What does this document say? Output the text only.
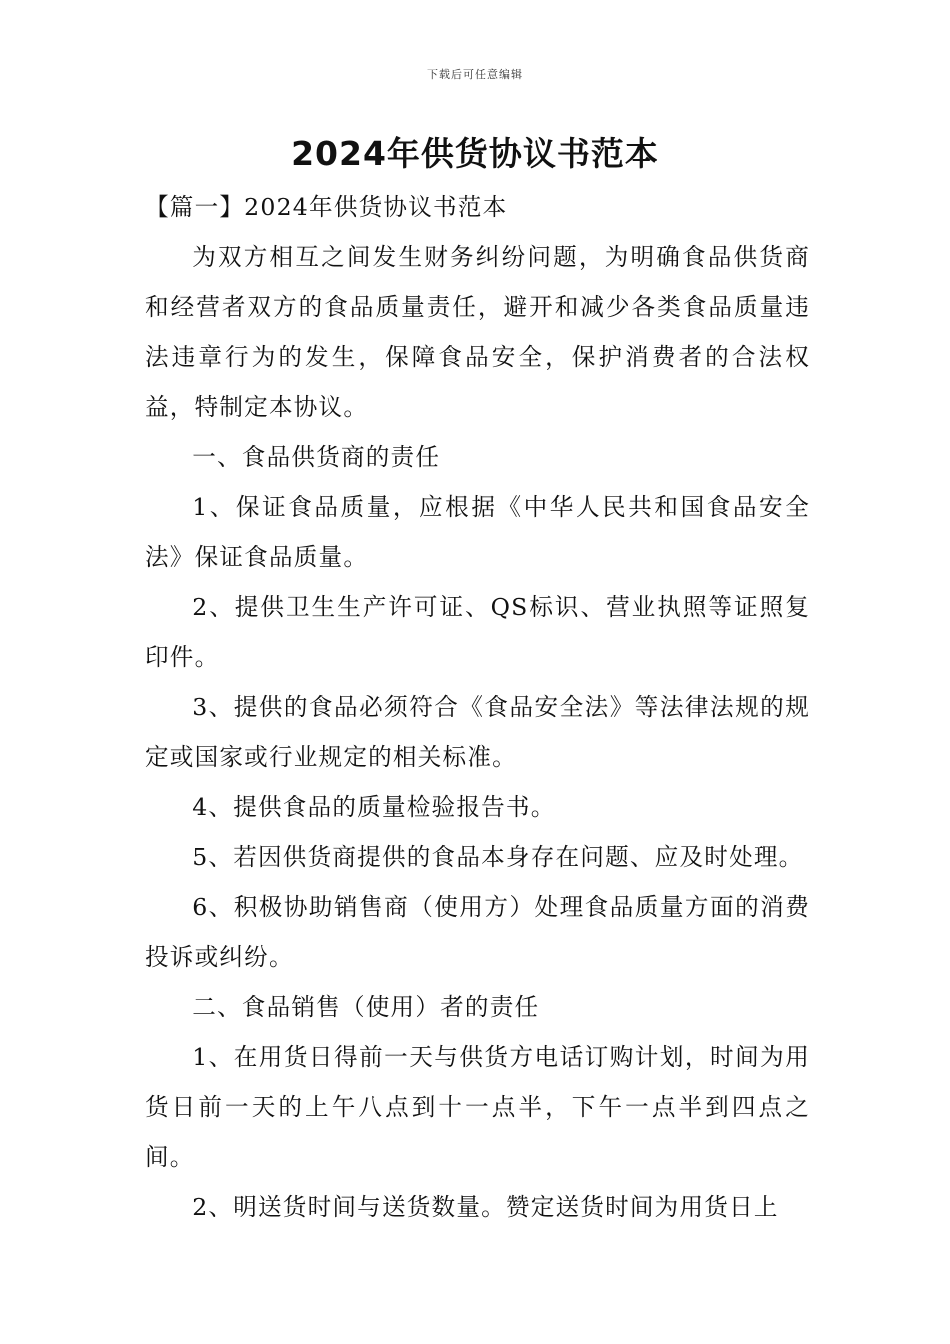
下载后可任意编辑
2024年供货协议书范本

【篇一】2024年供货协议书范本

为双方相互之间发生财务纠纷问题，为明确食品供货商和经营者双方的食品质量责任，避开和减少各类食品质量违法违章行为的发生，保障食品安全，保护消费者的合法权益，特制定本协议。

一、食品供货商的责任

1、保证食品质量，应根据《中华人民共和国食品安全法》保证食品质量。

2、提供卫生生产许可证、QS标识、营业执照等证照复印件。

3、提供的食品必须符合《食品安全法》等法律法规的规定或国家或行业规定的相关标准。

4、提供食品的质量检验报告书。

5、若因供货商提供的食品本身存在问题、应及时处理。

6、积极协助销售商（使用方）处理食品质量方面的消费投诉或纠纷。

二、食品销售（使用）者的责任

1、在用货日得前一天与供货方电话订购计划，时间为用货日前一天的上午八点到十一点半，下午一点半到四点之间。

2、明送货时间与送货数量。赞定送货时间为用货日上
